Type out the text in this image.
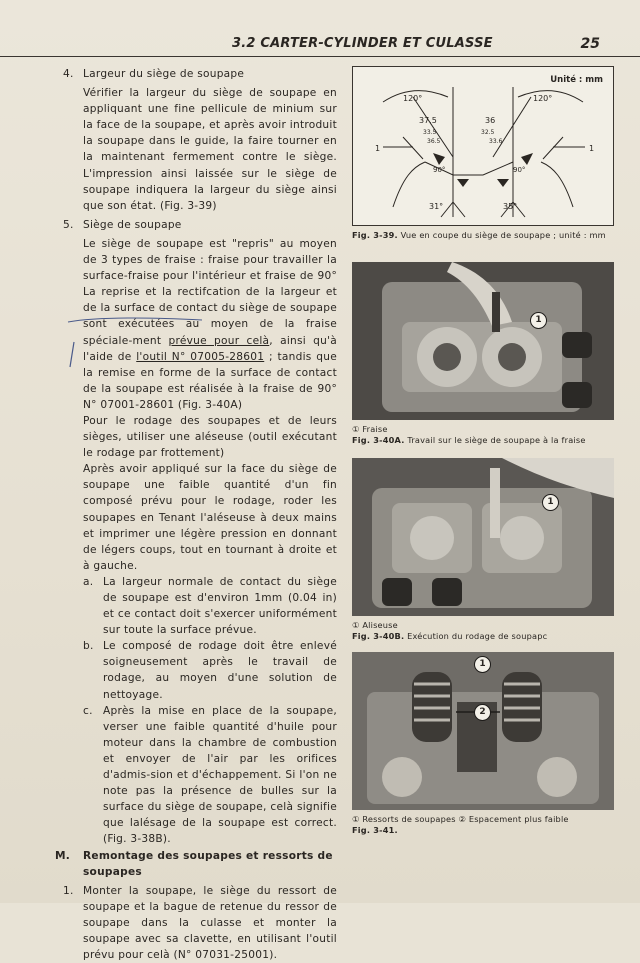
3.2 CARTER-CYLINDER ET CULASSE	25

4. Largeur du siège de soupape

Vérifier la largeur du siège de soupape en appliquant une fine pellicule de minium sur la face de la soupape, et après avoir introduit la soupape dans le guide, la faire tourner en la maintenant fermement contre le siège. L'impression ainsi laissée sur le siège de soupape indiquera la largeur du siège ainsi que son état. (Fig. 3-39)

5. Siège de soupape

Le siège de soupape est "repris" au moyen de 3 types de fraise : fraise pour travailler la surface-fraise pour l'intérieur et fraise de 90° La reprise et la rectifcation de la largeur et de la surface de contact du siège de soupape sont exécutées au moyen de la fraise spéciale-ment prévue pour celà, ainsi qu'à l'aide de l'outil N° 07005-28601 ; tandis que la remise en forme de la surface de contact de la soupape est réalisée à la fraise de 90° N° 07001-28601 (Fig. 3-40A)

Pour le rodage des soupapes et de leurs sièges, utiliser une aléseuse (outil exécutant le rodage par frottement)

Après avoir appliqué sur la face du siège de soupape une faible quantité d'un fin composé prévu pour le rodage, roder les soupapes en Tenant l'aléseuse à deux mains et imprimer une légère pression en donnant de légers coups, tout en tournant à droite et à gauche.

a. La largeur normale de contact du siège de soupape est d'environ 1mm (0.04 in) et ce contact doit s'exercer uniformément sur toute la surface prévue.

b. Le composé de rodage doit être enlevé soigneusement après le travail de rodage, au moyen d'une solution de nettoyage.

c. Après la mise en place de la soupape, verser une faible quantité d'huile pour moteur dans la chambre de combustion et envoyer de l'air par les orifices d'admis-sion et d'échappement. Si l'on ne note pas la présence de bulles sur la surface du siège de soupape, celà signifie que lalésage de la soupape est correct. (Fig. 3-38B).

M. Remontage des soupapes et ressorts de soupapes

1. Monter la soupape, le siège du ressort de soupape et la bague de retenue du ressor de soupape dans la culasse et monter la soupape avec sa clavette, en utilisant l'outil prévu pour celà (N° 07031-25001).

Unité : mm
120°	120°
37.5	36
33.5	32.5
36.5	33.6
90°	90°
1	1
31°	35°
Fig. 3-39. Vue en coupe du siège de soupape ; unité : mm
1
① Fraise
Fig. 3-40A. Travail sur le siège de soupape à la fraise
1
① Aliseuse
Fig. 3-40B. Exécution du rodage de soupapc
1
2
① Ressorts de soupapes ② Espacement plus faible
Fig. 3-41.
